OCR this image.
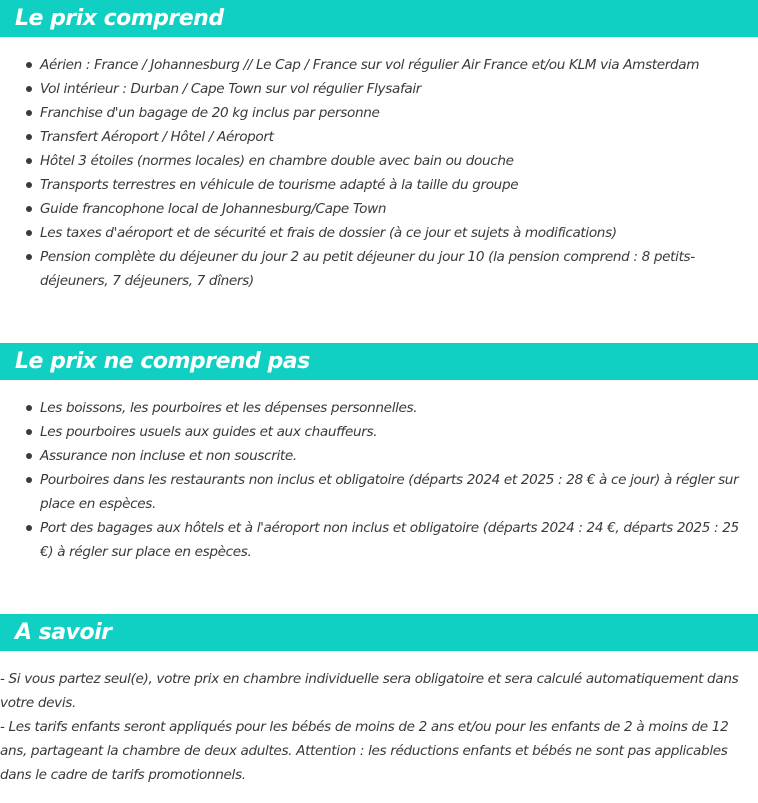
Le prix comprend
Aérien : France / Johannesburg // Le Cap / France sur vol régulier Air France et/ou KLM via Amsterdam
Vol intérieur : Durban / Cape Town sur vol régulier Flysafair
Franchise d'un bagage de 20 kg inclus par personne
Transfert Aéroport / Hôtel / Aéroport
Hôtel 3 étoiles (normes locales) en chambre double avec bain ou douche
Transports terrestres en véhicule de tourisme adapté à la taille du groupe
Guide francophone local de Johannesburg/Cape Town
Les taxes d'aéroport et de sécurité et frais de dossier (à ce jour et sujets à modifications)
Pension complète du déjeuner du jour 2 au petit déjeuner du jour 10 (la pension comprend : 8 petits-déjeuners, 7 déjeuners, 7 dîners)
Le prix ne comprend pas
Les boissons, les pourboires et les dépenses personnelles.
Les pourboires usuels aux guides et aux chauffeurs.
Assurance non incluse et non souscrite.
Pourboires dans les restaurants non inclus et obligatoire (départs 2024 et 2025 : 28 € à ce jour) à régler sur place en espèces.
Port des bagages aux hôtels et à l'aéroport non inclus et obligatoire (départs 2024 : 24 €, départs 2025 : 25 €) à régler sur place en espèces.
A savoir

- Si vous partez seul(e), votre prix en chambre individuelle sera obligatoire et sera calculé automatiquement dans votre devis.

- Les tarifs enfants seront appliqués pour les bébés de moins de 2 ans et/ou pour les enfants de 2 à moins de 12 ans, partageant la chambre de deux adultes. Attention : les réductions enfants et bébés ne sont pas applicables dans le cadre de tarifs promotionnels.
